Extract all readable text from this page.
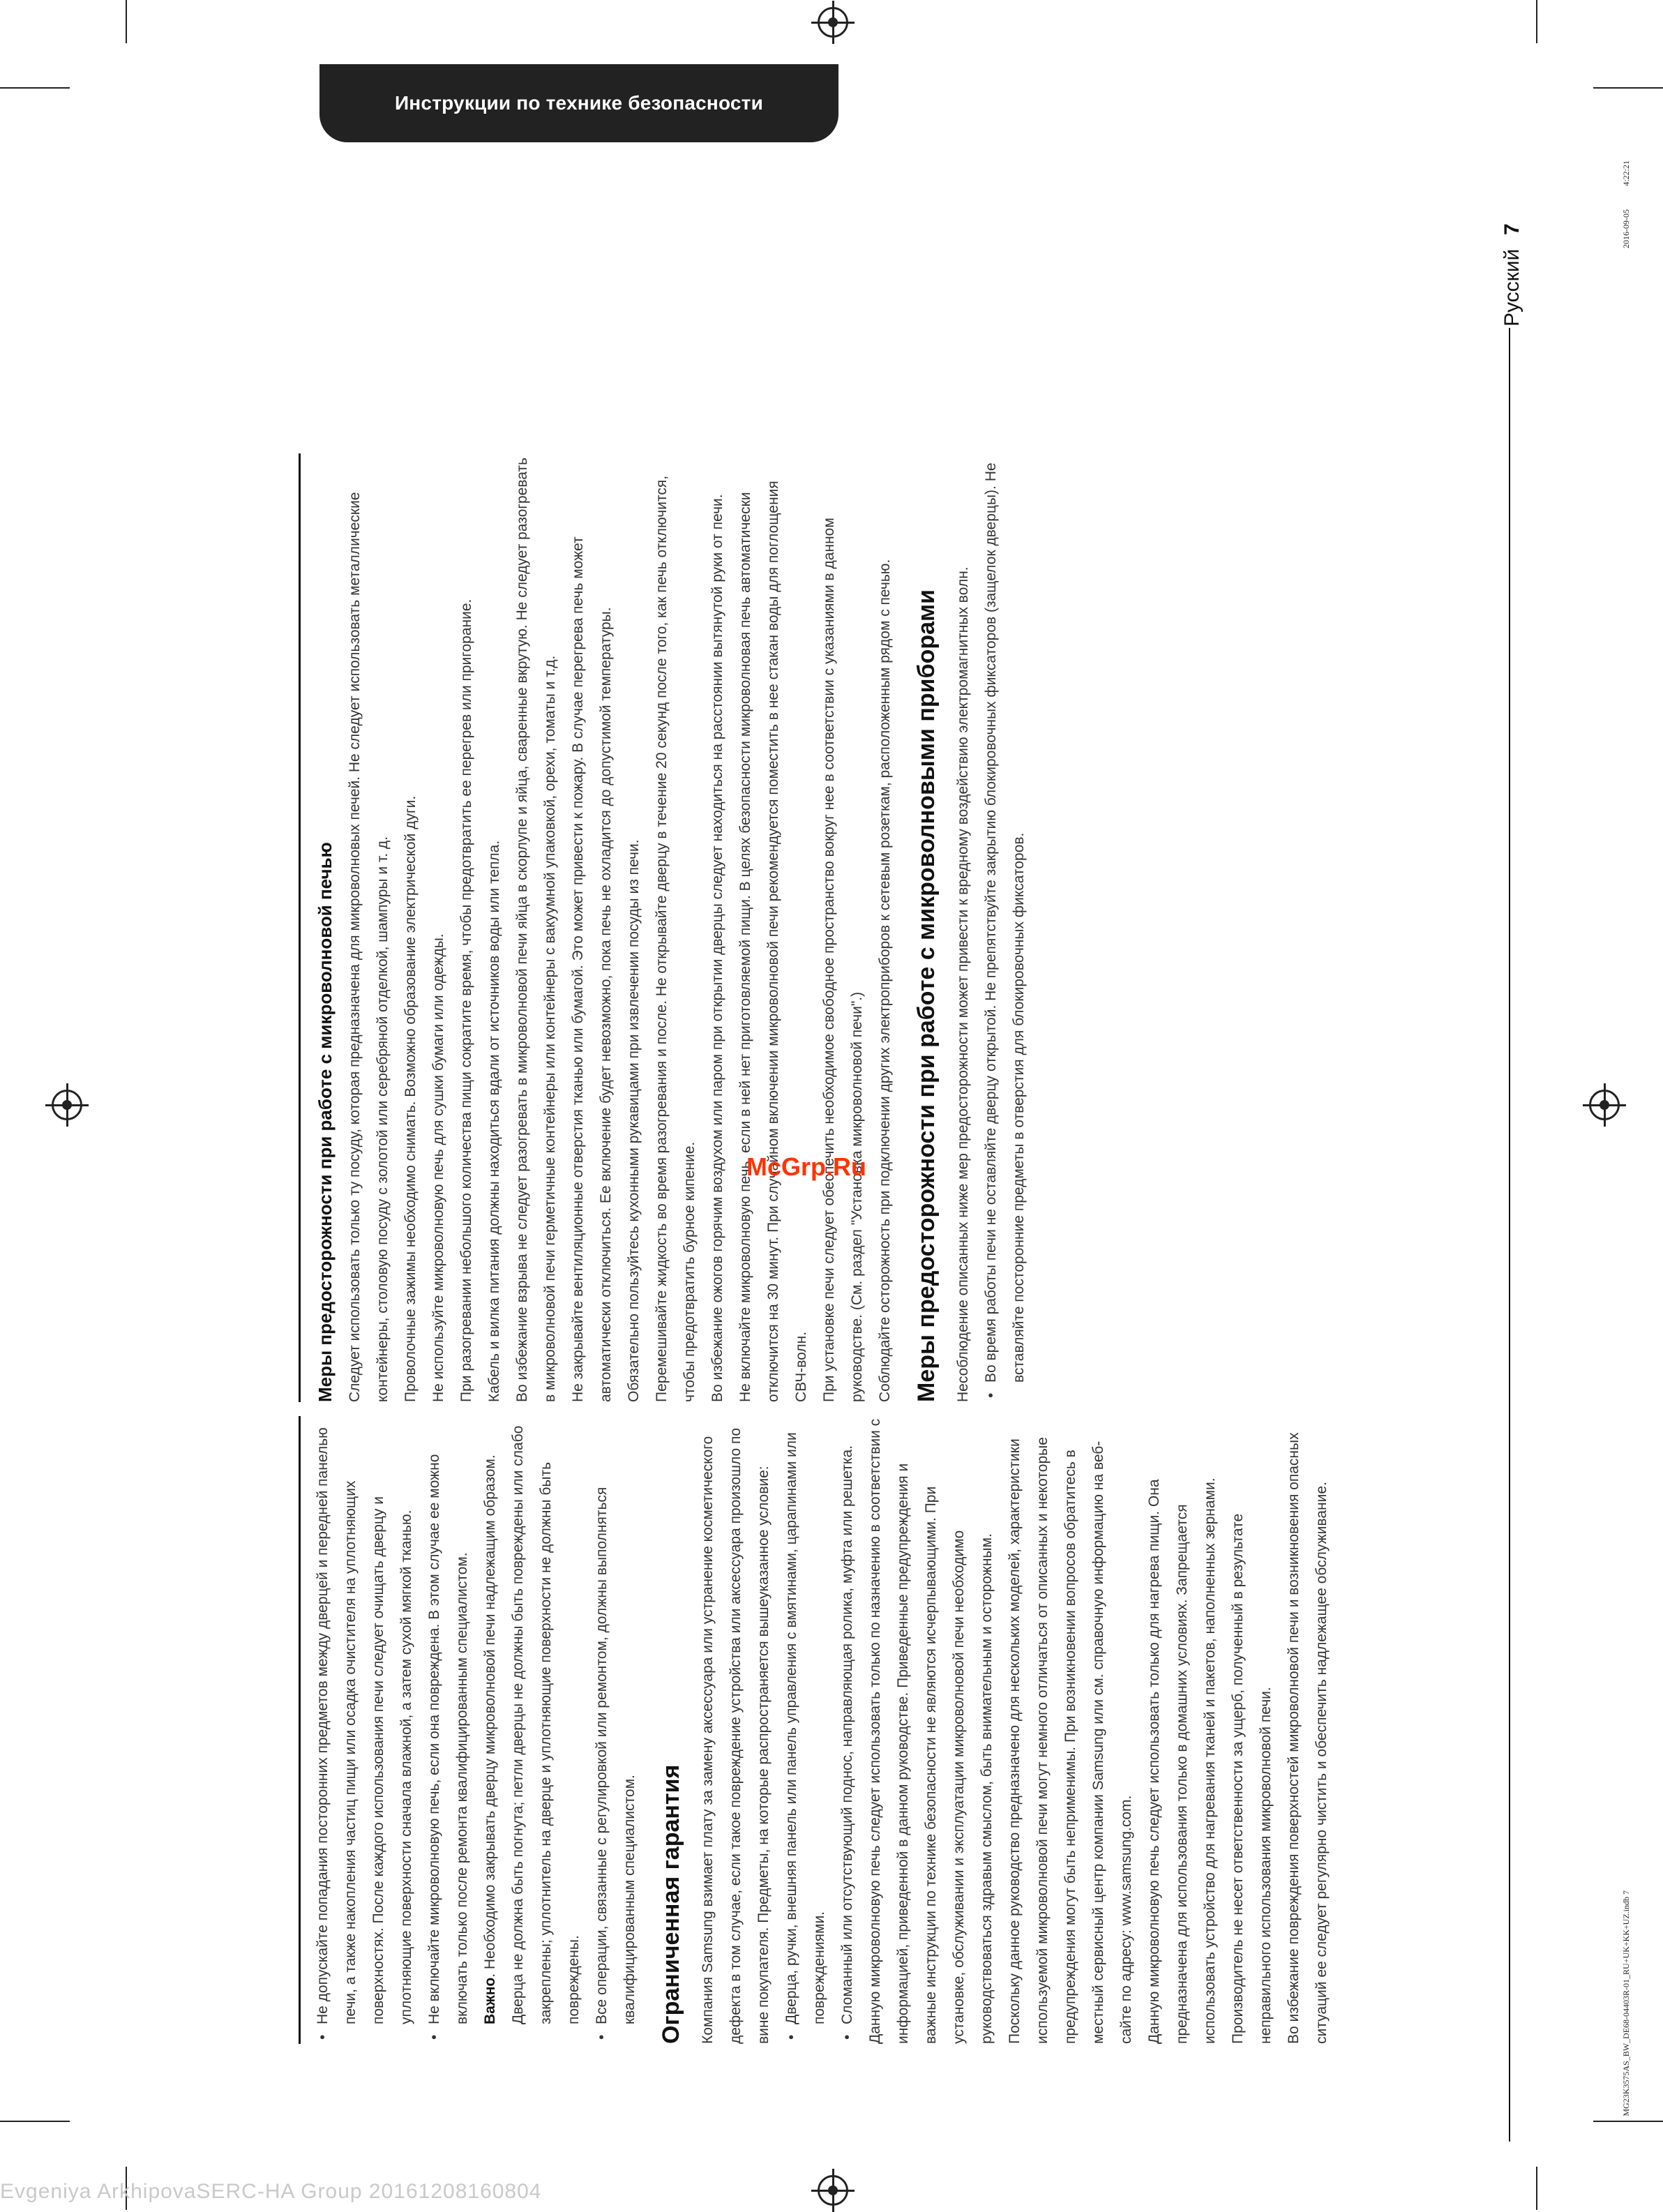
Инструкции по технике безопасности
Русский
7	2016-09-05
4:22:21
MG23K3575AS_BW_DE68-04403R-01_RU+UK+KK+UZ.indb 7

Меры предосторожности при работе с микроволновой печью Следует использовать только ту посуду, которая предназначена для микроволновых печей. Не следует использовать металлические контейнеры, столовую посуду с золотой или серебряной отделкой, шампуры и т. д. Проволочные зажимы необходимо снимать. Возможно образование электрической дуги. Не используйте микроволновую печь для сушки бумаги или одежды. При разогревании небольшого количества пищи сократите время, чтобы предотвратить ее перегрев или пригорание. Кабель и вилка питания должны находиться вдали от источников воды или тепла. Во избежание взрыва не следует разогревать в микроволновой печи яйца в скорлупе и яйца, сваренные вкрутую. Не следует разогревать в микроволновой печи герметичные контейнеры или контейнеры с вакуумной упаковкой, орехи, томаты и т.д. Не закрывайте вентиляционные отверстия тканью или бумагой. Это может привести к пожару. В случае перегрева печь может автоматически отключиться. Ее включение будет невозможно, пока печь не охладится до допустимой температуры. Обязательно пользуйтесь кухонными рукавицами при извлечении посуды из печи. Перемешивайте жидкость во время разогревания и после. Не открывайте дверцу в течение 20 секунд после того, как печь отключится, чтобы предотвратить бурное кипение. Во избежание ожогов горячим воздухом или паром при открытии дверцы следует находиться на расстоянии вытянутой руки от печи. Не включайте микроволновую печь, если в ней нет приготовляемой пищи. В целях безопасности микроволновая печь автоматически отключится на 30 минут. При случайном включении микроволновой печи рекомендуется поместить в нее стакан воды для поглощения СВЧ-волн. При установке печи следует обеспечить необходимое свободное пространство вокруг нее в соответствии с указаниями в данном руководстве. (См. раздел "Установка микроволновой печи".) Соблюдайте осторожность при подключении других электроприборов к сетевым розеткам, расположенным рядом с печью. Меры предосторожности при работе с микроволновыми приборами	Несоблюдение описанных ниже мер предосторожности может привести к вредному воздействию электромагнитных волн. • Во время работы печи не оставляйте дверцу открытой. Не препятствуйте закрытию блокировочных фиксаторов (защелок дверцы). Не вставляйте посторонние предметы в отверстия для блокировочных фиксаторов.

• Не допускайте попадания посторонних предметов между дверцей и передней панелью печи, а также накопления частиц пищи или осадка очистителя на уплотняющих поверхностях. После каждого использования печи следует очищать дверцу и уплотняющие поверхности сначала влажной, а затем сухой мягкой тканью. • Не включайте микроволновую печь, если она повреждена. В этом случае ее можно включать только после ремонта квалифицированным специалистом. Важно. Необходимо закрывать дверцу микроволновой печи надлежащим образом. Дверца не должна быть погнута; петли дверцы не должны быть повреждены или слабо закреплены; уплотнитель на дверце и уплотняющие поверхности не должны быть повреждены. • Все операции, связанные с регулировкой или ремонтом, должны выполняться квалифицированным специалистом. Ограниченная гарантия	Компания Samsung взимает плату за замену аксессуара или устранение косметического дефекта в том случае, если такое повреждение устройства или аксессуара произошло по вине покупателя. Предметы, на которые распространяется вышеуказанное условие: • Дверца, ручки, внешняя панель или панель управления с вмятинами, царапинами или повреждениями. • Сломанный или отсутствующий поднос, направляющая ролика, муфта или решетка. Данную микроволновую печь следует использовать только по назначению в соответствии с информацией, приведенной в данном руководстве. Приведенные предупреждения и важные инструкции по технике безопасности не являются исчерпывающими. При установке, обслуживании и эксплуатации микроволновой печи необходимо руководствоваться здравым смыслом, быть внимательным и осторожным. Поскольку данное руководство предназначено для нескольких моделей, характеристики используемой микроволновой печи могут немного отличаться от описанных и некоторые предупреждения могут быть неприменимы. При возникновении вопросов обратитесь в местный сервисный центр компании Samsung или см. справочную информацию на веб-сайте по адресу: www.samsung.com. Данную микроволновую печь следует использовать только для нагрева пищи. Она предназначена для использования только в домашних условиях. Запрещается использовать устройство для нагревания тканей и пакетов, наполненных зернами. Производитель не несет ответственности за ущерб, полученный в результате неправильного использования микроволновой печи. Во избежание повреждения поверхностей микроволновой печи и возникновения опасных ситуаций ее следует регулярно чистить и обеспечить надлежащее обслуживание.

McGrp.Ru
Evgeniya ArkhipovaSERC-HA Group 20161208160804
